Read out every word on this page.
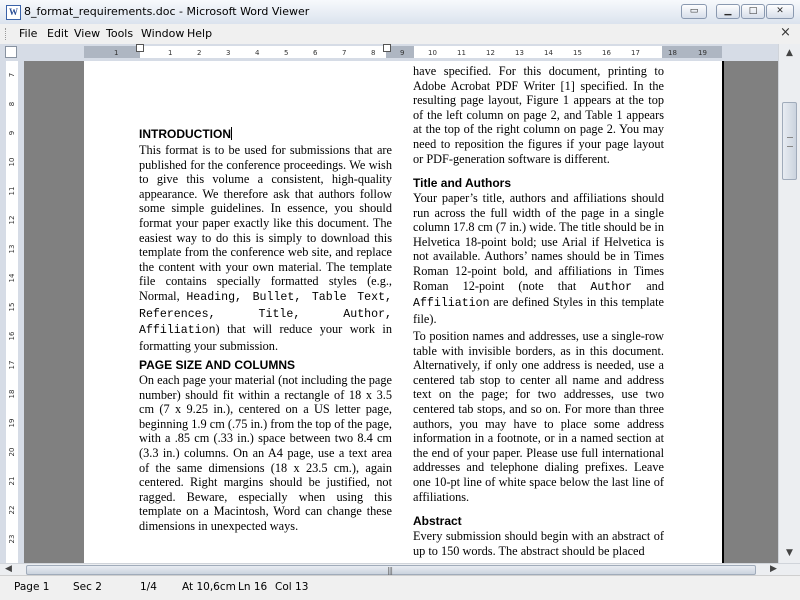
W 8_format_requirements.doc - Microsoft Word Viewer	▭	▁	□	✕
File Edit View Tools Window Help	×
1	1	2	3	4	5	6	7	8	9	10	11	12	13	14	15	16	17	18	19
7
8
9
10
11
12
13
14
15
16
17
18
19
20
21
22
23
INTRODUCTION

This format is to be used for submissions that are published for the conference proceedings. We wish to give this volume a consistent, high-quality appearance. We therefore ask that authors follow some simple guidelines. In essence, you should format your paper exactly like this document. The easiest way to do this is simply to download this template from the conference web site, and replace the content with your own material. The template file contains specially formatted styles (e.g., Normal, Heading, Bullet, Table Text, References, Title, Author, Affiliation) that will reduce your work in formatting your submission.

PAGE SIZE AND COLUMNS

On each page your material (not including the page number) should fit within a rectangle of 18 x 3.5 cm (7 x 9.25 in.), centered on a US letter page, beginning 1.9 cm (.75 in.) from the top of the page, with a .85 cm (.33 in.) space between two 8.4 cm (3.3 in.) columns. On an A4 page, use a text area of the same dimensions (18 x 23.5 cm.), again centered. Right margins should be justified, not ragged. Beware, especially when using this template on a Macintosh, Word can change these dimensions in unexpected ways.

have specified. For this document, printing to Adobe Acrobat PDF Writer [1] specified. In the resulting page layout, Figure 1 appears at the top of the left column on page 2, and Table 1 appears at the top of the right column on page 2. You may need to reposition the figures if your page layout or PDF-generation software is different.

Title and Authors

Your paper’s title, authors and affiliations should run across the full width of the page in a single column 17.8 cm (7 in.) wide. The title should be in Helvetica 18-point bold; use Arial if Helvetica is not available. Authors’ names should be in Times Roman 12-point bold, and affiliations in Times Roman 12-point (note that Author and Affiliation are defined Styles in this template file).

To position names and addresses, use a single-row table with invisible borders, as in this document. Alternatively, if only one address is needed, use a centered tab stop to center all name and address text on the page; for two addresses, use two centered tab stops, and so on. For more than three authors, you may have to place some address information in a footnote, or in a named section at the end of your paper. Please use full international addresses and telephone dialing prefixes. Leave one 10-pt line of white space below the last line of affiliations.

Abstract

Every submission should begin with an abstract of up to 150 words. The abstract should be placed

▲
▼
◀	|||	▶
Page 1 Sec 2	1/4 At 10,6cm Ln 16 Col 13
